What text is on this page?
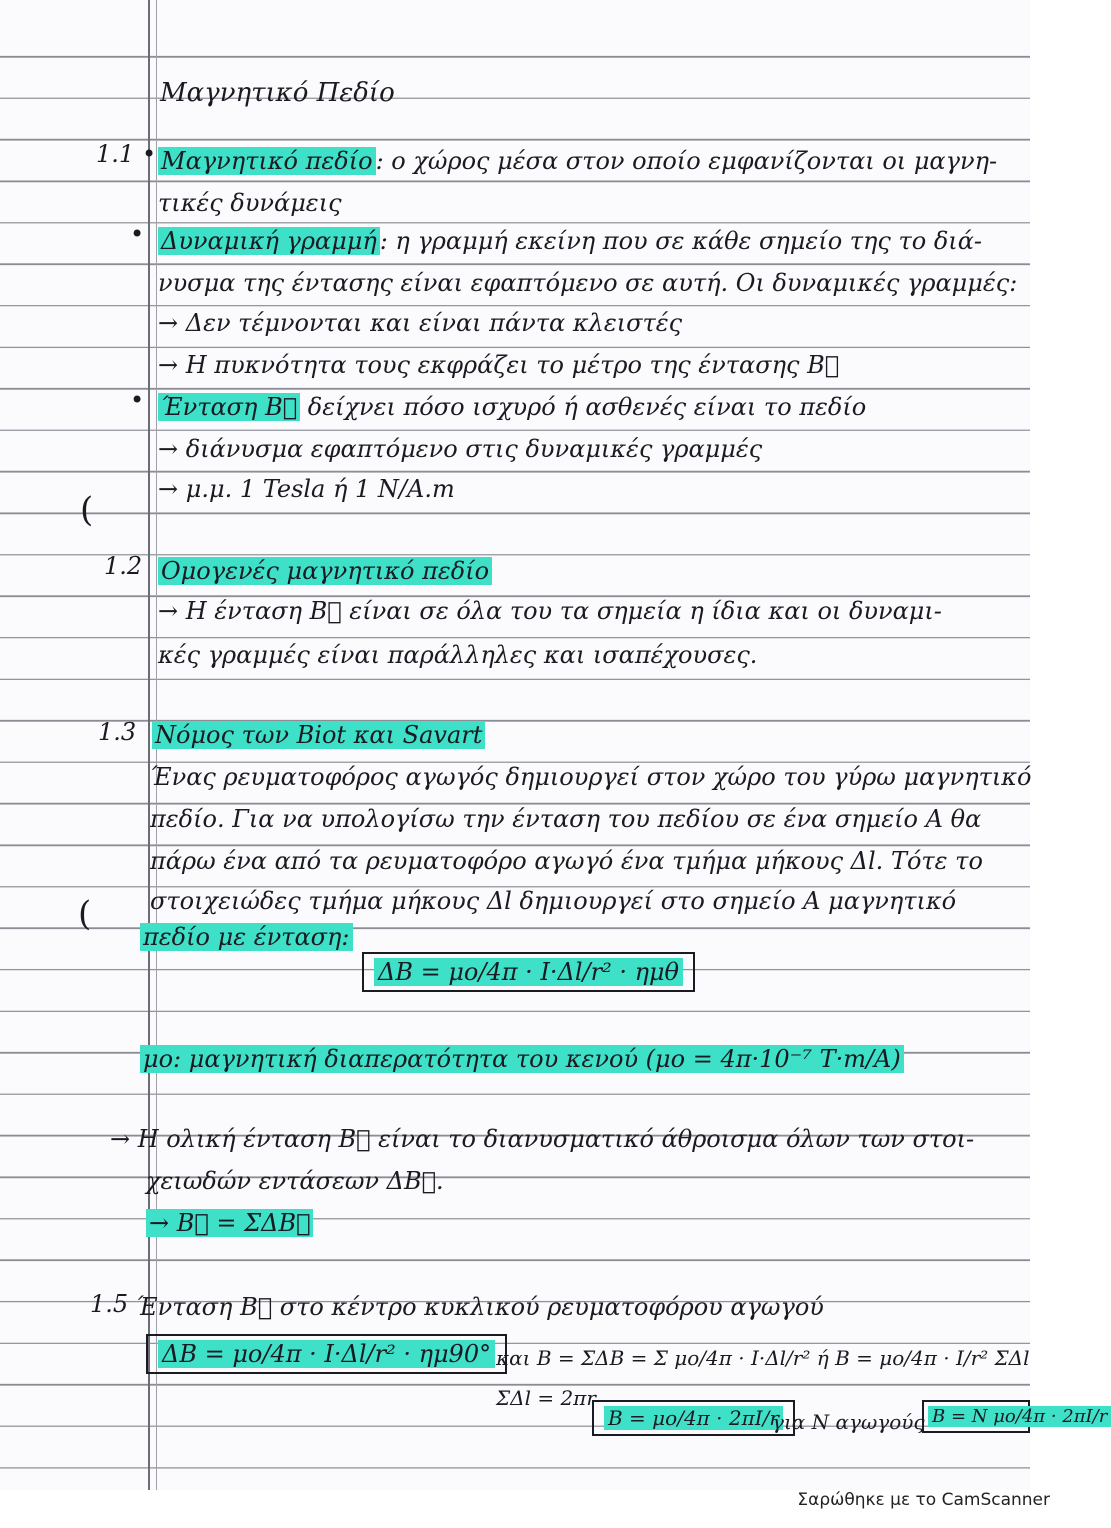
Μαγνητικό Πεδίο
1.1 • Μαγνητικό πεδίο : ο χώρος μέσα στον οποίο εμφανίζονται οι μαγνη-
τικές δυνάμεις
• Δυναμική γραμμή : η γραμμή εκείνη που σε κάθε σημείο της το διά-
νυσμα της έντασης είναι εφαπτόμενο σε αυτή. Οι δυναμικές γραμμές:
→ Δεν τέμνονται και είναι πάντα κλειστές
→ Η πυκνότητα τους εκφράζει το μέτρο της έντασης B⃗
• Ένταση B⃗ δείχνει πόσο ισχυρό ή ασθενές είναι το πεδίο
→ διάνυσμα εφαπτόμενο στις δυναμικές γραμμές
→ μ.μ. 1 Tesla ή 1 N/A.m
(
1.2 Ομογενές μαγνητικό πεδίο
→ Η ένταση B⃗ είναι σε όλα του τα σημεία η ίδια και οι δυναμι-
κές γραμμές είναι παράλληλες και ισαπέχουσες.
1.3 Νόμος των Biot και Savart
Ένας ρευματοφόρος αγωγός δημιουργεί στον χώρο του γύρω μαγνητικό
πεδίο. Για να υπολογίσω την ένταση του πεδίου σε ένα σημείο Α θα
πάρω ένα από τα ρευματοφόρο αγωγό ένα τμήμα μήκους Δl. Τότε το
στοιχειώδες τμήμα μήκους Δl δημιουργεί στο σημείο Α μαγνητικό
(
πεδίο με ένταση:
ΔB = μο/4π · I·Δl/r² · ημθ
μο: μαγνητική διαπερατότητα του κενού (μο = 4π·10⁻⁷ T·m/A)
→ Η ολική ένταση B⃗ είναι το διανυσματικό άθροισμα όλων των στοι-
χειωδών εντάσεων ΔB⃗.
→ B⃗ = ΣΔB⃗
1.5 Ένταση B⃗ στο κέντρο κυκλικού ρευματοφόρου αγωγού
ΔB = μο/4π · I·Δl/r² · ημ90° και B = ΣΔB = Σ μο/4π · I·Δl/r² ή B = μο/4π · I/r² ΣΔl
ΣΔl = 2πr
B = μο/4π · 2πI/r
για N αγωγούς B = N μο/4π · 2πI/r
Σαρώθηκε με το CamScanner
